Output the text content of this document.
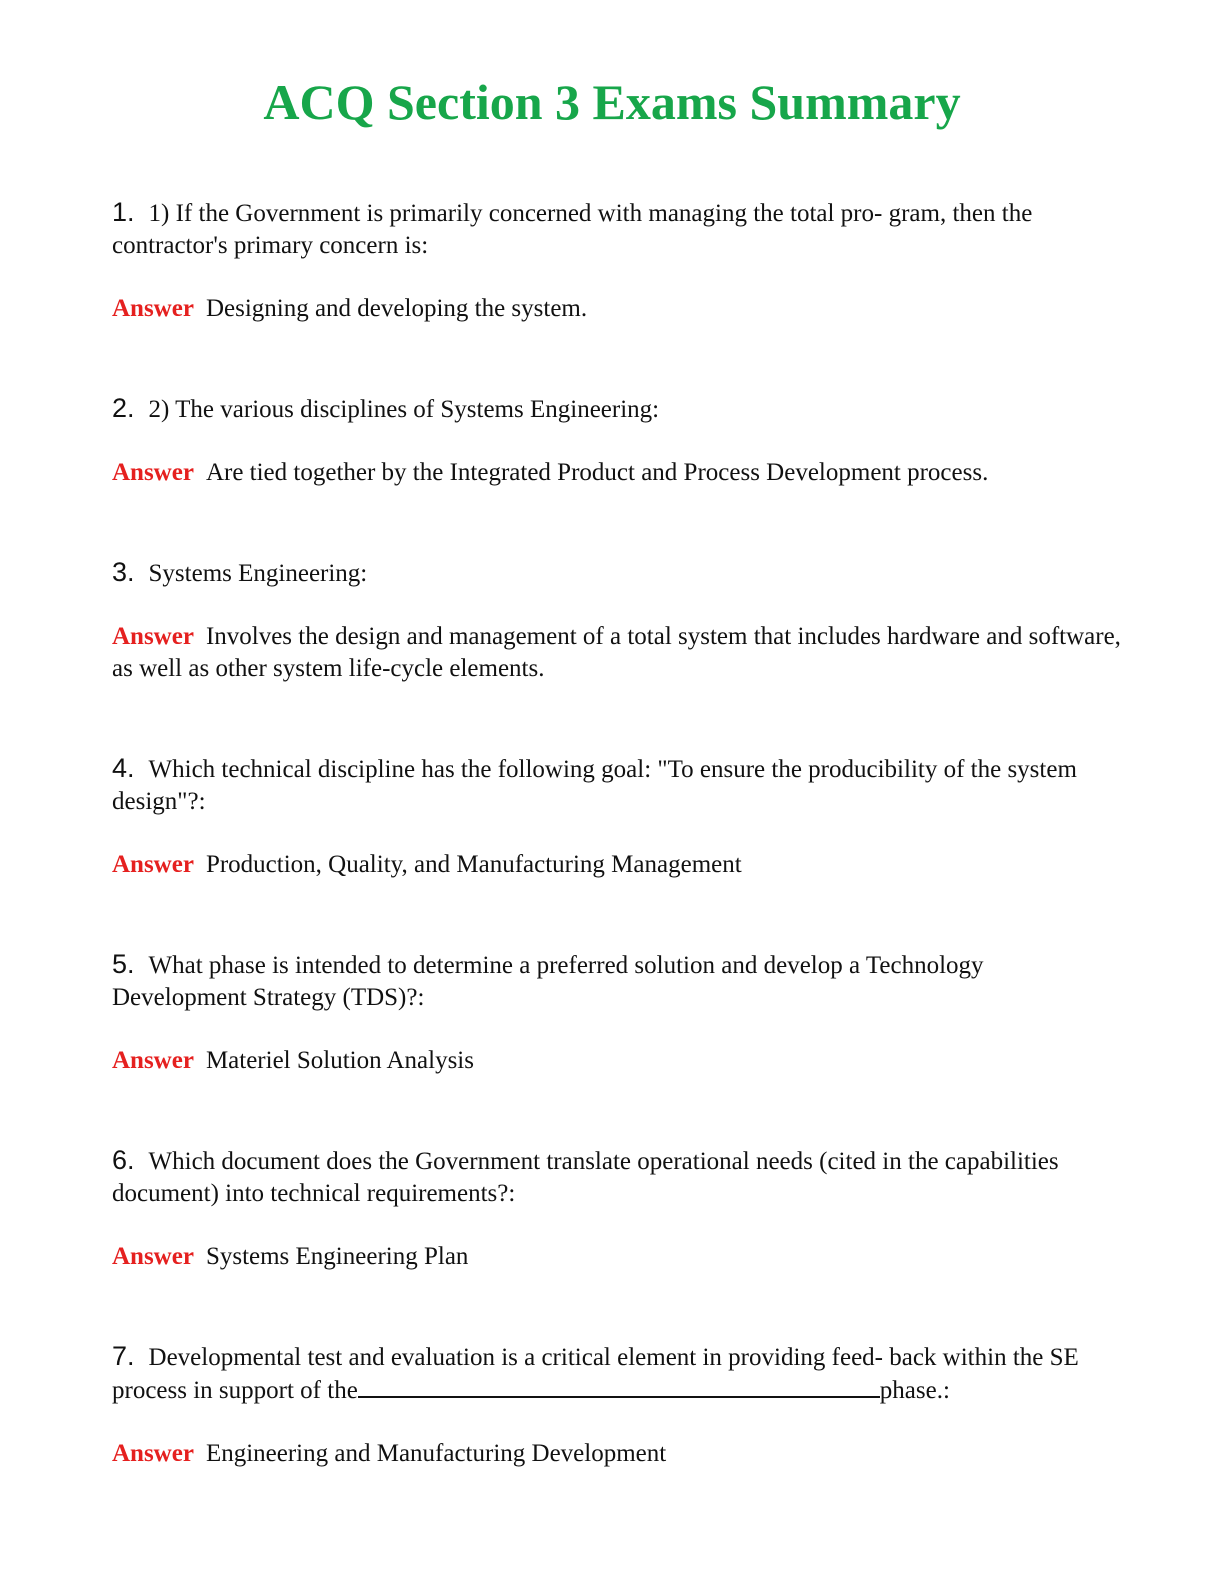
ACQ Section 3 Exams Summary

1. 1) If the Government is primarily concerned with managing the total pro- gram, then the contractor's primary concern is:

Answer Designing and developing the system.

2. 2) The various disciplines of Systems Engineering:

Answer Are tied together by the Integrated Product and Process Development process.

3. Systems Engineering:

Answer Involves the design and management of a total system that includes hardware and software, as well as other system life-cycle elements.

4. Which technical discipline has the following goal: "To ensure the producibility of the system design"?:

Answer Production, Quality, and Manufacturing Management

5. What phase is intended to determine a preferred solution and develop a Technology Development Strategy (TDS)?:

Answer Materiel Solution Analysis

6. Which document does the Government translate operational needs (cited in the capabilities document) into technical requirements?:

Answer Systems Engineering Plan

7. Developmental test and evaluation is a critical element in providing feed- back within the SE process in support of the	phase.:

Answer Engineering and Manufacturing Development
